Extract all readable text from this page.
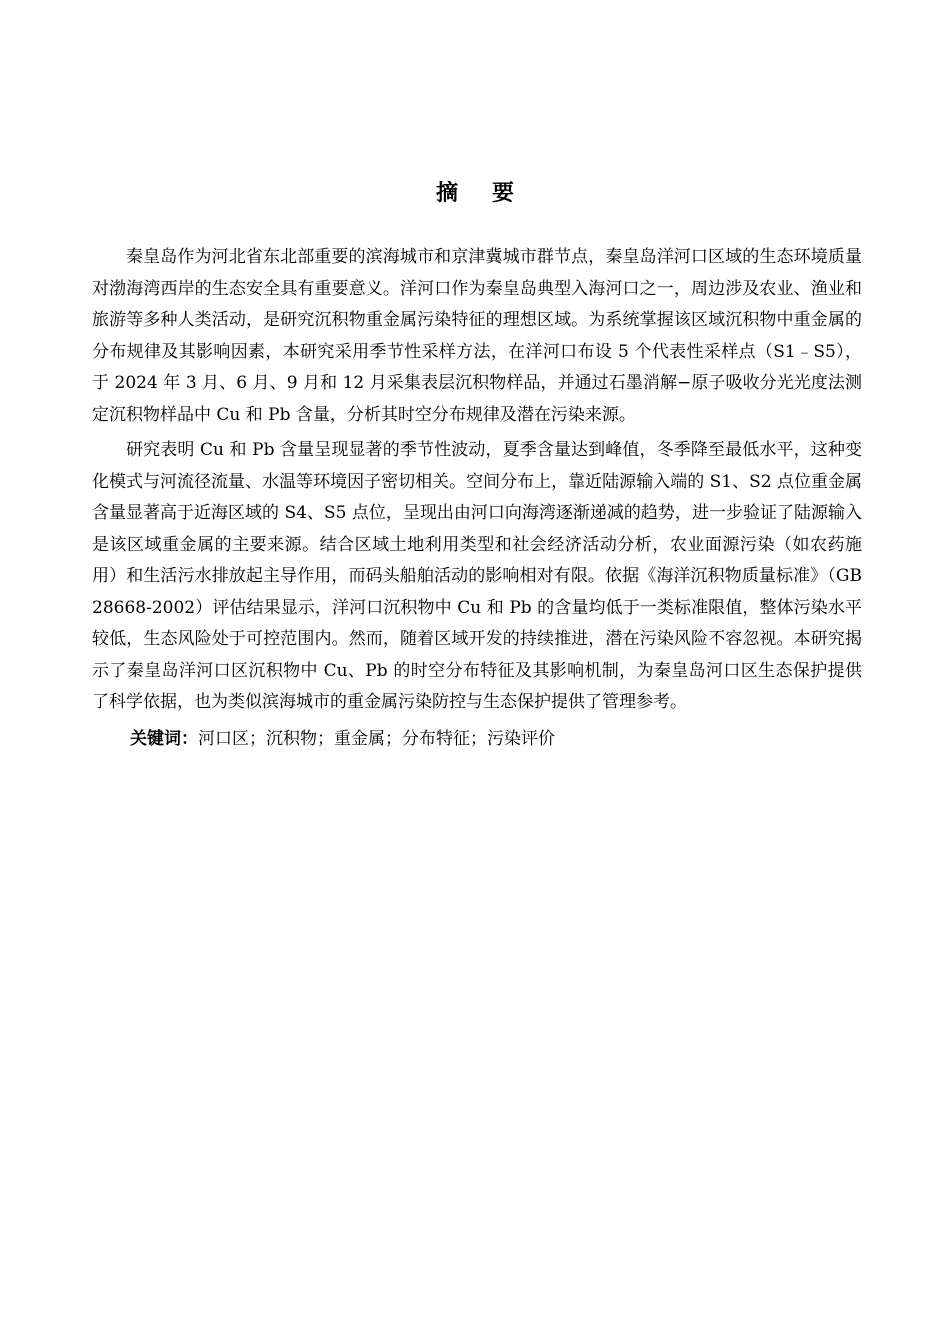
摘要

秦皇岛作为河北省东北部重要的滨海城市和京津冀城市群节点，秦皇岛洋河口区域的生态环境质量对渤海湾西岸的生态安全具有重要意义。洋河口作为秦皇岛典型入海河口之一，周边涉及农业、渔业和旅游等多种人类活动，是研究沉积物重金属污染特征的理想区域。为系统掌握该区域沉积物中重金属的分布规律及其影响因素，本研究采用季节性采样方法，在洋河口布设 5 个代表性采样点（S1﹣S5），于 2024 年 3 月、6 月、9 月和 12 月采集表层沉积物样品，并通过石墨消解−原子吸收分光光度法测定沉积物样品中 Cu 和 Pb 含量，分析其时空分布规律及潜在污染来源。

研究表明 Cu 和 Pb 含量呈现显著的季节性波动，夏季含量达到峰值，冬季降至最低水平，这种变化模式与河流径流量、水温等环境因子密切相关。空间分布上，靠近陆源输入端的 S1、S2 点位重金属含量显著高于近海区域的 S4、S5 点位，呈现出由河口向海湾逐渐递减的趋势，进一步验证了陆源输入是该区域重金属的主要来源。结合区域土地利用类型和社会经济活动分析，农业面源污染（如农药施用）和生活污水排放起主导作用，而码头船舶活动的影响相对有限。依据《海洋沉积物质量标准》（GB 28668-2002）评估结果显示，洋河口沉积物中 Cu 和 Pb 的含量均低于一类标准限值，整体污染水平较低，生态风险处于可控范围内。然而，随着区域开发的持续推进，潜在污染风险不容忽视。本研究揭示了秦皇岛洋河口区沉积物中 Cu、Pb 的时空分布特征及其影响机制，为秦皇岛河口区生态保护提供了科学依据，也为类似滨海城市的重金属污染防控与生态保护提供了管理参考。

关键词：河口区；沉积物；重金属；分布特征；污染评价
